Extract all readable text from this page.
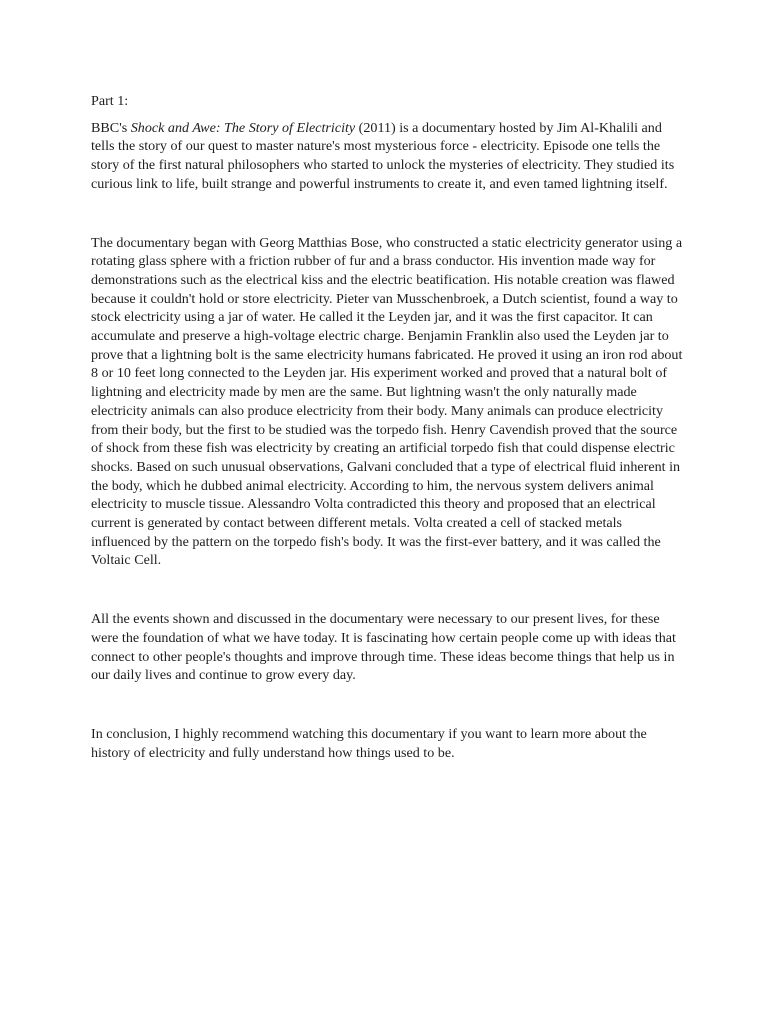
Part 1:

BBC's Shock and Awe: The Story of Electricity (2011) is a documentary hosted by Jim Al-Khalili and tells the story of our quest to master nature's most mysterious force - electricity. Episode one tells the story of the first natural philosophers who started to unlock the mysteries of electricity. They studied its curious link to life, built strange and powerful instruments to create it, and even tamed lightning itself.

The documentary began with Georg Matthias Bose, who constructed a static electricity generator using a rotating glass sphere with a friction rubber of fur and a brass conductor. His invention made way for demonstrations such as the electrical kiss and the electric beatification. His notable creation was flawed because it couldn't hold or store electricity. Pieter van Musschenbroek, a Dutch scientist, found a way to stock electricity using a jar of water. He called it the Leyden jar, and it was the first capacitor. It can accumulate and preserve a high-voltage electric charge. Benjamin Franklin also used the Leyden jar to prove that a lightning bolt is the same electricity humans fabricated. He proved it using an iron rod about 8 or 10 feet long connected to the Leyden jar. His experiment worked and proved that a natural bolt of lightning and electricity made by men are the same. But lightning wasn't the only naturally made electricity animals can also produce electricity from their body. Many animals can produce electricity from their body, but the first to be studied was the torpedo fish. Henry Cavendish proved that the source of shock from these fish was electricity by creating an artificial torpedo fish that could dispense electric shocks. Based on such unusual observations, Galvani concluded that a type of electrical fluid inherent in the body, which he dubbed animal electricity. According to him, the nervous system delivers animal electricity to muscle tissue. Alessandro Volta contradicted this theory and proposed that an electrical current is generated by contact between different metals. Volta created a cell of stacked metals influenced by the pattern on the torpedo fish's body. It was the first-ever battery, and it was called the Voltaic Cell.

All the events shown and discussed in the documentary were necessary to our present lives, for these were the foundation of what we have today. It is fascinating how certain people come up with ideas that connect to other people's thoughts and improve through time. These ideas become things that help us in our daily lives and continue to grow every day.

In conclusion, I highly recommend watching this documentary if you want to learn more about the history of electricity and fully understand how things used to be.
